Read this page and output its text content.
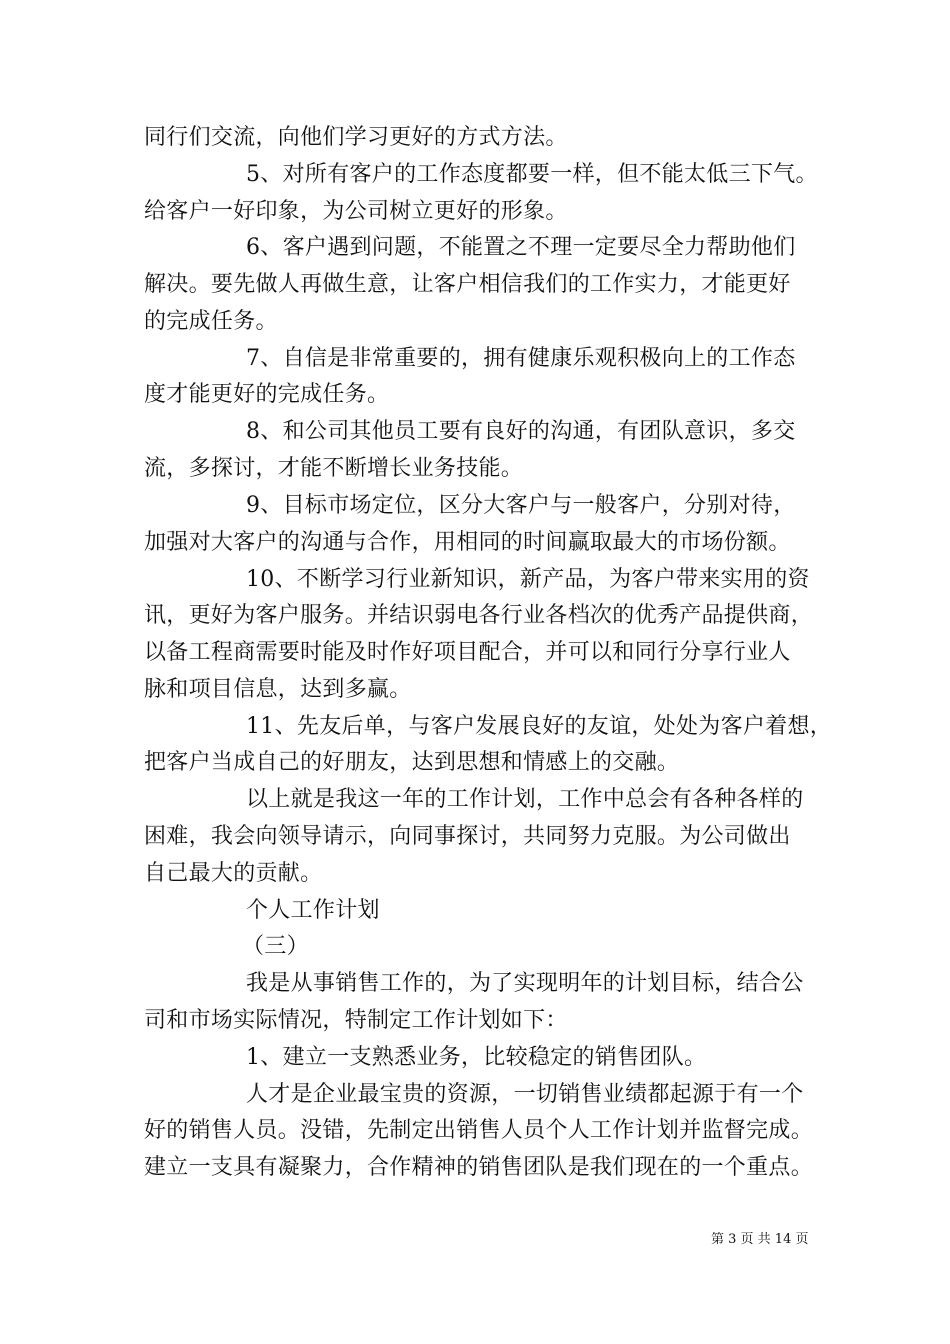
同行们交流，向他们学习更好的方式方法。
5、对所有客户的工作态度都要一样，但不能太低三下气。
给客户一好印象，为公司树立更好的形象。
6、客户遇到问题，不能置之不理一定要尽全力帮助他们
解决。要先做人再做生意，让客户相信我们的工作实力，才能更好
的完成任务。
7、自信是非常重要的，拥有健康乐观积极向上的工作态
度才能更好的完成任务。
8、和公司其他员工要有良好的沟通，有团队意识，多交
流，多探讨，才能不断增长业务技能。
9、目标市场定位，区分大客户与一般客户，分别对待，
加强对大客户的沟通与合作，用相同的时间赢取最大的市场份额。
10、不断学习行业新知识，新产品，为客户带来实用的资
讯，更好为客户服务。并结识弱电各行业各档次的优秀产品提供商，
以备工程商需要时能及时作好项目配合，并可以和同行分享行业人
脉和项目信息，达到多赢。
11、先友后单，与客户发展良好的友谊，处处为客户着想，
把客户当成自己的好朋友，达到思想和情感上的交融。
以上就是我这一年的工作计划，工作中总会有各种各样的
困难，我会向领导请示，向同事探讨，共同努力克服。为公司做出
自己最大的贡献。
个人工作计划
（三）
我是从事销售工作的，为了实现明年的计划目标，结合公
司和市场实际情况，特制定工作计划如下：
1、建立一支熟悉业务，比较稳定的销售团队。
人才是企业最宝贵的资源，一切销售业绩都起源于有一个
好的销售人员。没错，先制定出销售人员个人工作计划并监督完成。
建立一支具有凝聚力，合作精神的销售团队是我们现在的一个重点。
第 3 页 共 14 页
